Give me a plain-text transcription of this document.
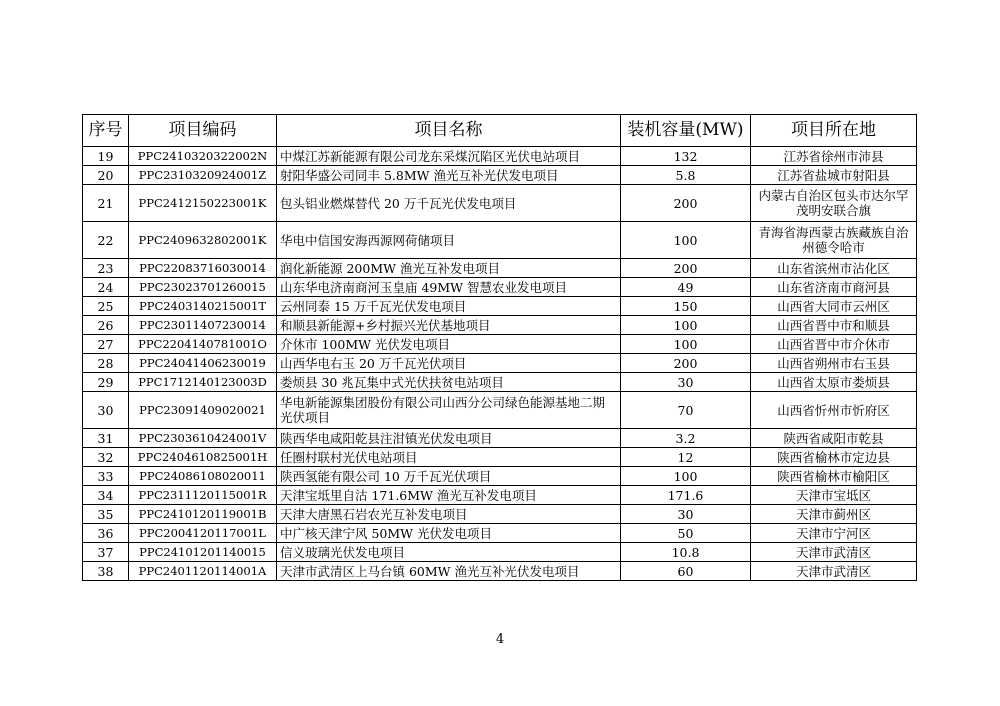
序号	项目编码	项目名称	装机容量(MW)	项目所在地
19	PPC2410320322002N	中煤江苏新能源有限公司龙东采煤沉陷区光伏电站项目	132	江苏省徐州市沛县
20	PPC2310320924001Z	射阳华盛公司同丰 5.8MW 渔光互补光伏发电项目	5.8	江苏省盐城市射阳县
21	PPC2412150223001K	包头铝业燃煤替代 20 万千瓦光伏发电项目	200	内蒙古自治区包头市达尔罕茂明安联合旗
22	PPC2409632802001K	华电中信国安海西源网荷储项目	100	青海省海西蒙古族藏族自治州德令哈市
23	PPC22083716030014	润化新能源 200MW 渔光互补发电项目	200	山东省滨州市沾化区
24	PPC23023701260015	山东华电济南商河玉皇庙 49MW 智慧农业发电项目	49	山东省济南市商河县
25	PPC2403140215001T	云州同泰 15 万千瓦光伏发电项目	150	山西省大同市云州区
26	PPC23011407230014	和顺县新能源+乡村振兴光伏基地项目	100	山西省晋中市和顺县
27	PPC2204140781001O	介休市 100MW 光伏发电项目	100	山西省晋中市介休市
28	PPC24041406230019	山西华电右玉 20 万千瓦光伏项目	200	山西省朔州市右玉县
29	PPC1712140123003D	娄烦县 30 兆瓦集中式光伏扶贫电站项目	30	山西省太原市娄烦县
30	PPC23091409020021	华电新能源集团股份有限公司山西分公司绿色能源基地二期光伏项目	70	山西省忻州市忻府区
31	PPC2303610424001V	陕西华电咸阳乾县注泔镇光伏发电项目	3.2	陕西省咸阳市乾县
32	PPC2404610825001H	任圈村联村光伏电站项目	12	陕西省榆林市定边县
33	PPC24086108020011	陕西氢能有限公司 10 万千瓦光伏项目	100	陕西省榆林市榆阳区
34	PPC2311120115001R	天津宝坻里自沽 171.6MW 渔光互补发电项目	171.6	天津市宝坻区
35	PPC2410120119001B	天津大唐黑石岩农光互补发电项目	30	天津市蓟州区
36	PPC2004120117001L	中广核天津宁风 50MW 光伏发电项目	50	天津市宁河区
37	PPC24101201140015	信义玻璃光伏发电项目	10.8	天津市武清区
38	PPC2401120114001A	天津市武清区上马台镇 60MW 渔光互补光伏发电项目	60	天津市武清区
4
